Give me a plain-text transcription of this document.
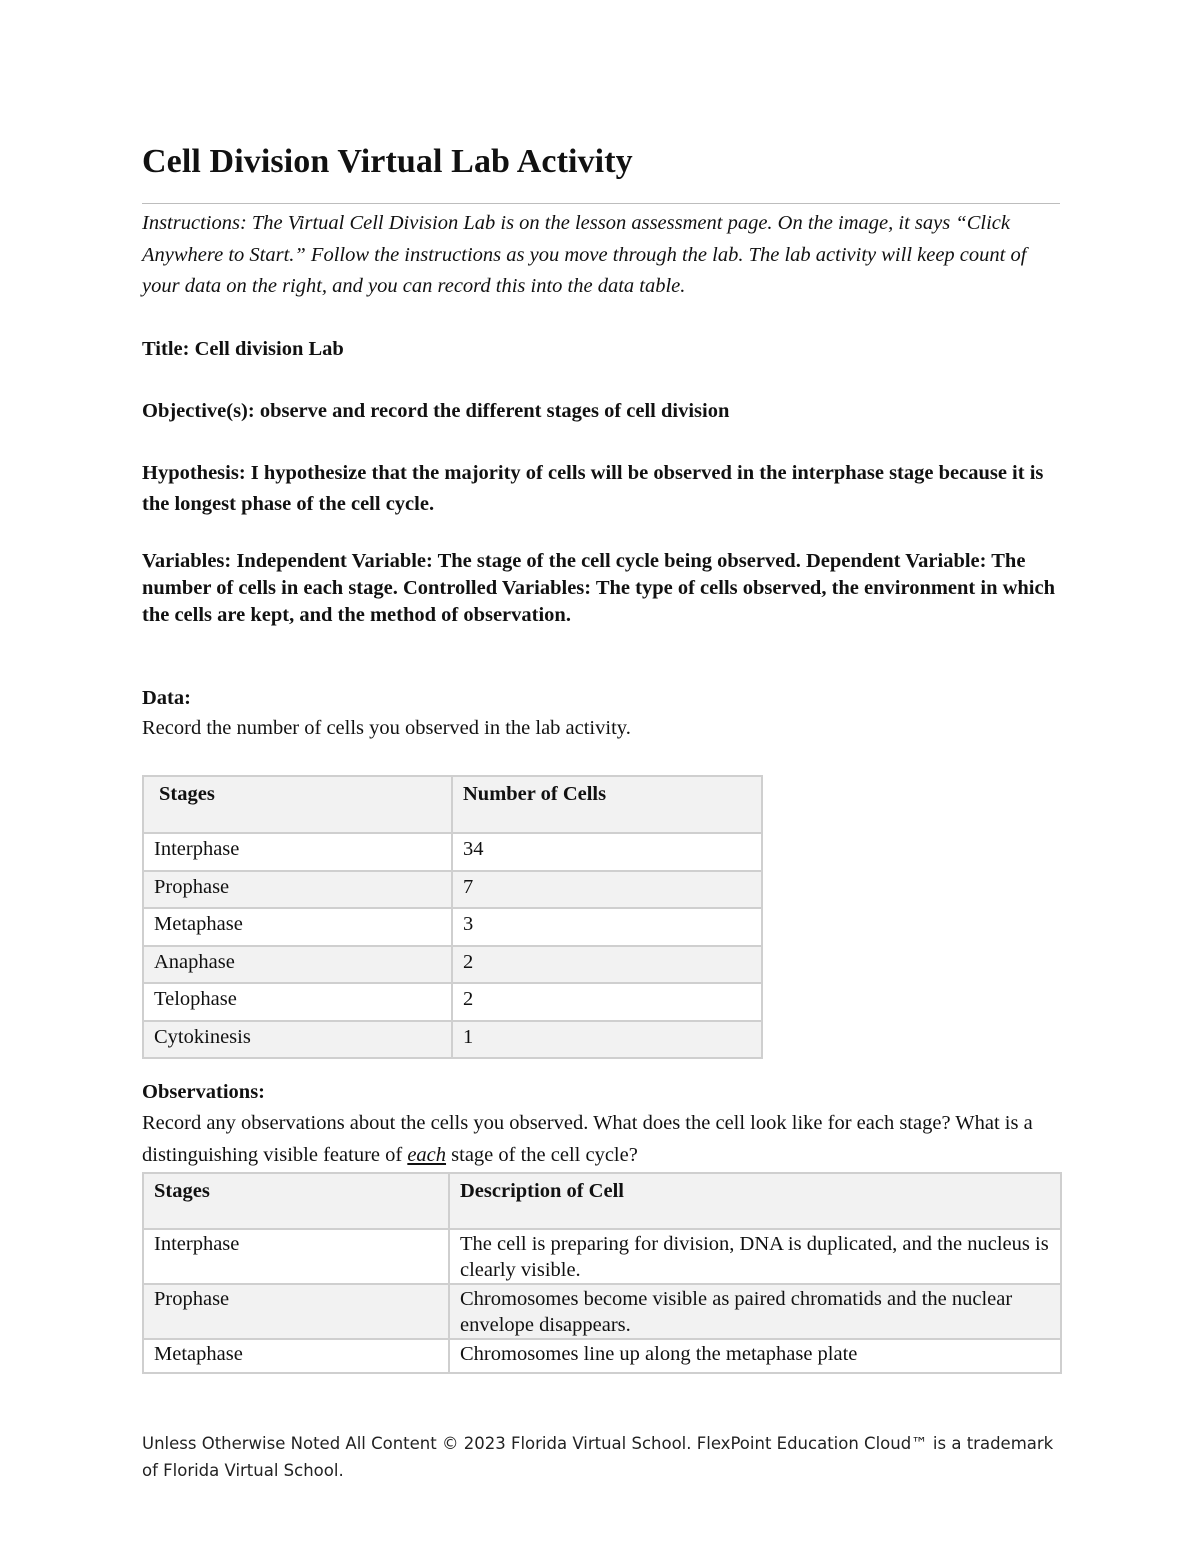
Cell Division Virtual Lab Activity

Instructions: The Virtual Cell Division Lab is on the lesson assessment page. On the image, it says “Click Anywhere to Start.” Follow the instructions as you move through the lab. The lab activity will keep count of your data on the right, and you can record this into the data table.

Title: Cell division Lab

Objective(s): observe and record the different stages of cell division

Hypothesis: I hypothesize that the majority of cells will be observed in the interphase stage because it is the longest phase of the cell cycle.

Variables: Independent Variable: The stage of the cell cycle being observed. Dependent Variable: The number of cells in each stage. Controlled Variables: The type of cells observed, the environment in which the cells are kept, and the method of observation.

Data:

Record the number of cells you observed in the lab activity.

Stages	Number of Cells
Interphase	34
Prophase	7
Metaphase	3
Anaphase	2
Telophase	2
Cytokinesis	1

Observations:

Record any observations about the cells you observed. What does the cell look like for each stage? What is a distinguishing visible feature of each stage of the cell cycle?

Stages	Description of Cell
Interphase	The cell is preparing for division, DNA is duplicated, and the nucleus is clearly visible.
Prophase	Chromosomes become visible as paired chromatids and the nuclear envelope disappears.
Metaphase	Chromosomes line up along the metaphase plate

Unless Otherwise Noted All Content © 2023 Florida Virtual School. FlexPoint Education Cloud™ is a trademark of Florida Virtual School.
